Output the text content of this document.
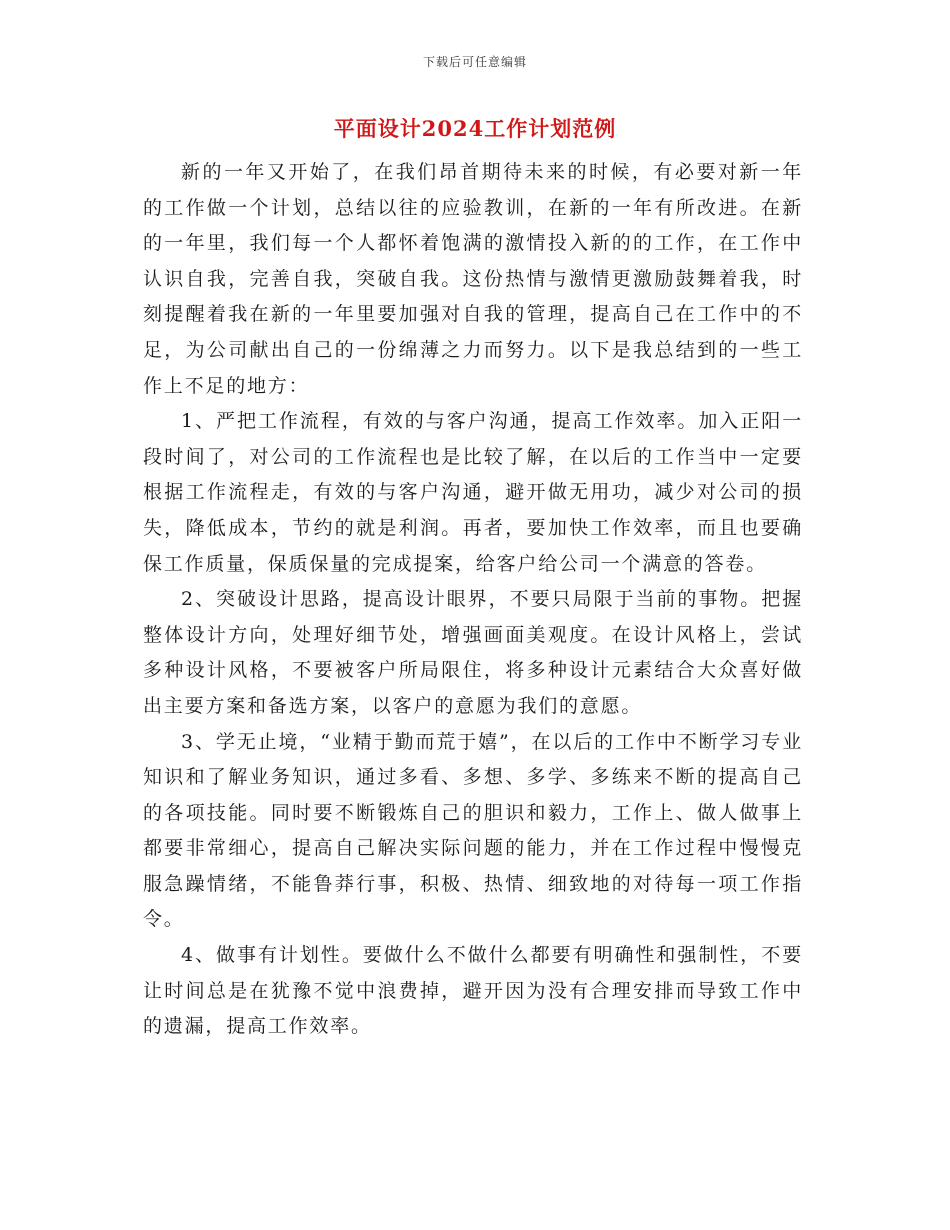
下载后可任意编辑
平面设计2024工作计划范例

新的一年又开始了，在我们昂首期待未来的时候，有必要对新一年的工作做一个计划，总结以往的应验教训，在新的一年有所改进。在新的一年里，我们每一个人都怀着饱满的激情投入新的的工作，在工作中认识自我，完善自我，突破自我。这份热情与激情更激励鼓舞着我，时刻提醒着我在新的一年里要加强对自我的管理，提高自己在工作中的不足，为公司献出自己的一份绵薄之力而努力。以下是我总结到的一些工作上不足的地方：

1、严把工作流程，有效的与客户沟通，提高工作效率。加入正阳一段时间了，对公司的工作流程也是比较了解，在以后的工作当中一定要根据工作流程走，有效的与客户沟通，避开做无用功，减少对公司的损失，降低成本，节约的就是利润。再者，要加快工作效率，而且也要确保工作质量，保质保量的完成提案，给客户给公司一个满意的答卷。

2、突破设计思路，提高设计眼界，不要只局限于当前的事物。把握整体设计方向，处理好细节处，增强画面美观度。在设计风格上，尝试多种设计风格，不要被客户所局限住，将多种设计元素结合大众喜好做出主要方案和备选方案，以客户的意愿为我们的意愿。

3、学无止境，“业精于勤而荒于嬉”，在以后的工作中不断学习专业知识和了解业务知识，通过多看、多想、多学、多练来不断的提高自己的各项技能。同时要不断锻炼自己的胆识和毅力，工作上、做人做事上都要非常细心，提高自己解决实际问题的能力，并在工作过程中慢慢克服急躁情绪，不能鲁莽行事，积极、热情、细致地的对待每一项工作指令。

4、做事有计划性。要做什么不做什么都要有明确性和强制性，不要让时间总是在犹豫不觉中浪费掉，避开因为没有合理安排而导致工作中的遗漏，提高工作效率。
